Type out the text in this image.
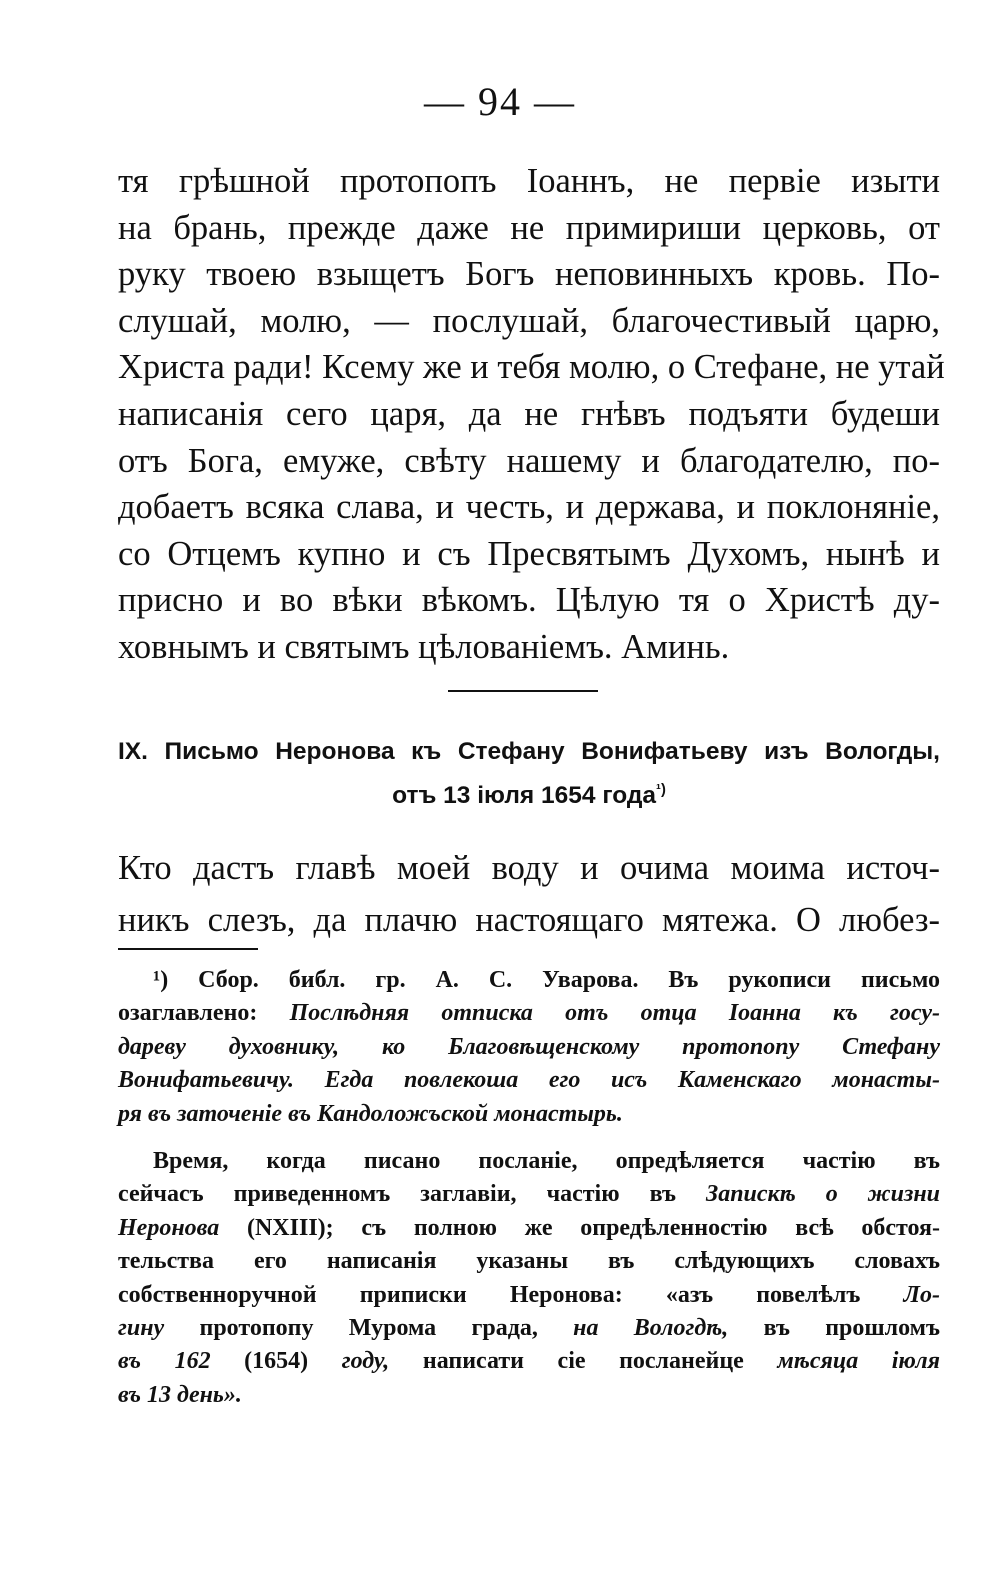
— 94 —
тя грѣшной протопопъ Іоаннъ, не первіе изыти
на брань, прежде даже не примириши церковь, от
руку твоею взыщетъ Богъ неповинныхъ кровь. По-
слушай, молю, — послушай, благочестивый царю,
Христа ради! Ксему же и тебя молю, о Стефане, не утай
написанія сего царя, да не гнѣвъ подъяти будеши
отъ Бога, емуже, свѣту нашему и благодателю, по-
добаетъ всяка слава, и честь, и держава, и поклоняніе,
со Отцемъ купно и съ Пресвятымъ Духомъ, нынѣ и
присно и во вѣки вѣкомъ. Цѣлую тя о Христѣ ду-
ховнымъ и святымъ цѣлованіемъ. Аминь.
IX. Письмо Неронова къ Стефану Вонифатьеву изъ Вологды,
отъ 13 іюля 1654 года$^{^1)}$
Кто дастъ главѣ моей воду и очима моима источ-
никъ слезъ, да плачю настоящаго мятежа. О любез-
¹) Сбор. библ. гр. А. С. Уварова. Въ рукописи письмо
озаглавлено: Послѣдняя отписка отъ отца Іоанна къ госу-
дареву духовнику, ко Благовѣщенскому протопопу Стефану
Вонифатьевичу. Егда повлекоша его исъ Каменскаго монасты-
ря въ заточеніе въ Кандоложъской монастырь.
Время, когда писано посланіе, опредѣляется частію въ
сейчасъ приведенномъ заглавіи, частію въ Запискѣ о жизни
Неронова (NXIII); съ полною же опредѣленностію всѣ обстоя-
тельства его написанія указаны въ слѣдующихъ словахъ
собственноручной приписки Неронова: «азъ повелѣлъ Ло-
гину протопопу Мурома града, на Вологдѣ, въ прошломъ
въ 162 (1654) году, написати сіе посланейце мѣсяца іюля
въ 13 день».
